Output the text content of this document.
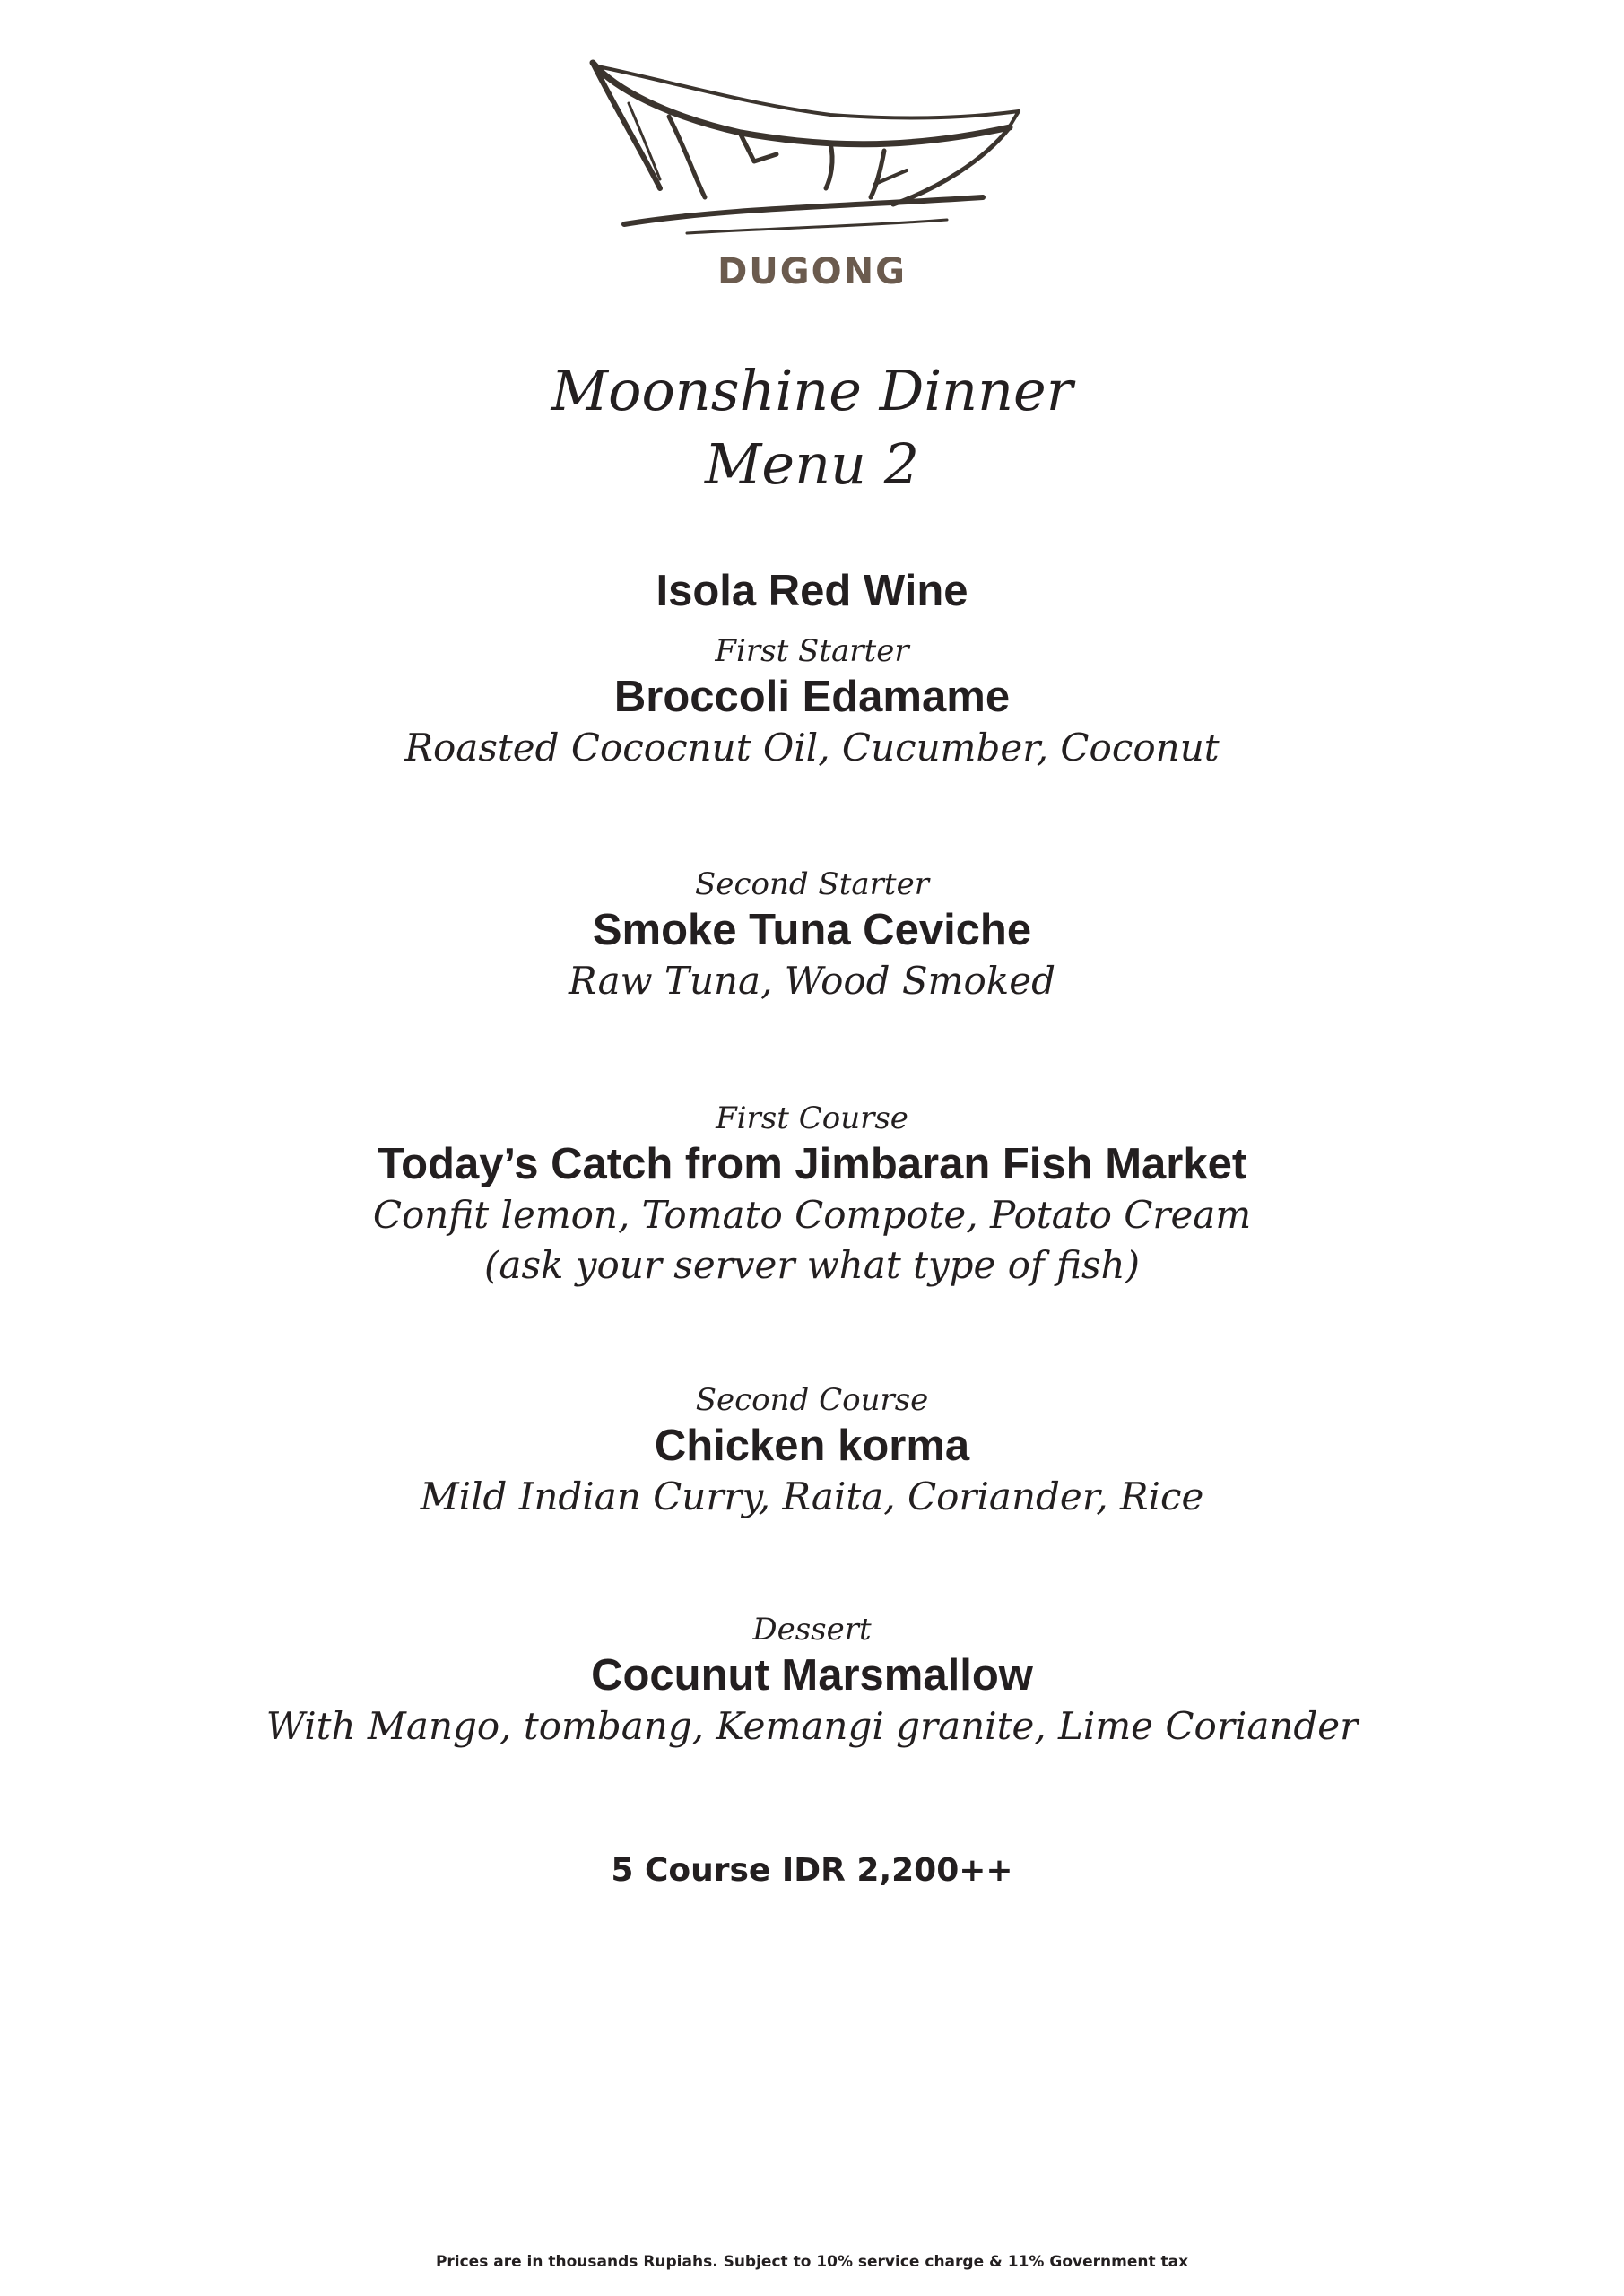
DUGONG
Moonshine Dinner
Menu 2
Isola Red Wine
First Starter
Broccoli Edamame
Roasted Cococnut Oil, Cucumber, Coconut
Second Starter
Smoke Tuna Ceviche
Raw Tuna, Wood Smoked
First Course
Today’s Catch from Jimbaran Fish Market
Confit lemon, Tomato Compote, Potato Cream
(ask your server what type of fish)
Second Course
Chicken korma
Mild Indian Curry, Raita, Coriander, Rice
Dessert
Cocunut Marsmallow
With Mango, tombang, Kemangi granite, Lime Coriander
5 Course IDR 2,200++
Prices are in thousands Rupiahs. Subject to 10% service charge & 11% Government tax
